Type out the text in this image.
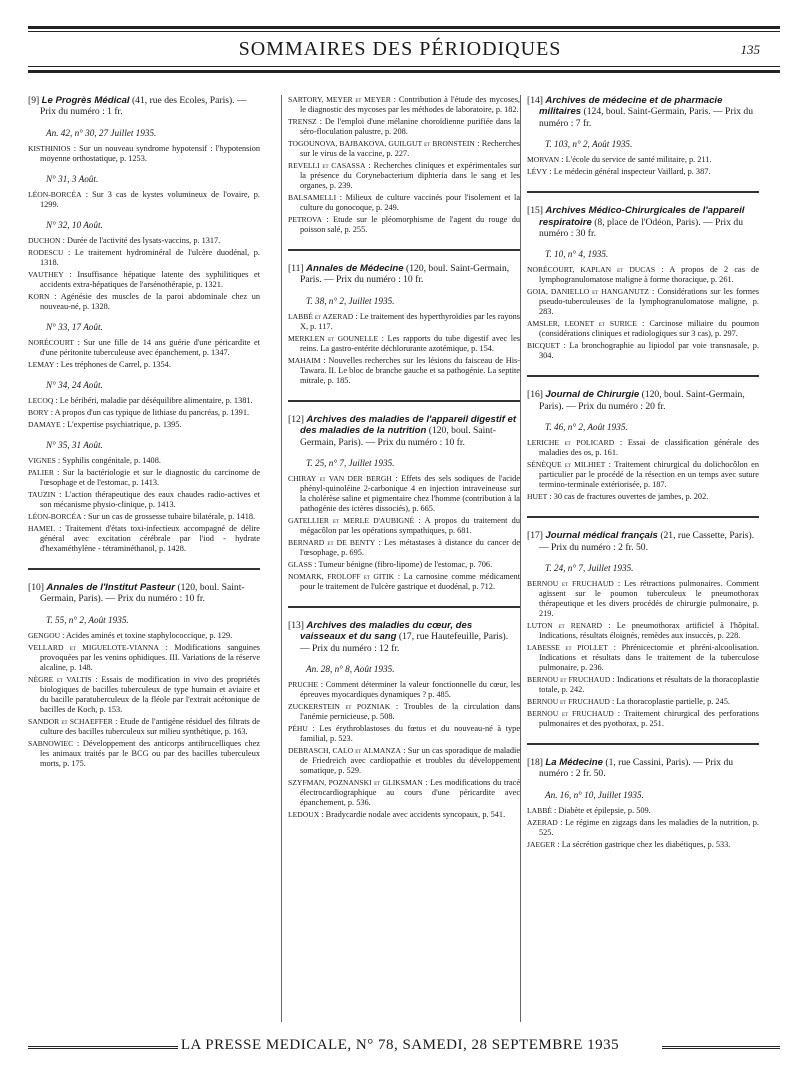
SOMMAIRES DES PÉRIODIQUES	135
[9] Le Progrès Médical (41, rue des Ecoles, Paris). — Prix du numéro : 1 fr.
An. 42, n° 30, 27 Juillet 1935.
KISTHINIOS : Sur un nouveau syndrome hypotensif : l'hypotension moyenne orthostatique, p. 1253.
N° 31, 3 Août.
LÉON-BORCÉA : Sur 3 cas de kystes volumineux de l'ovaire, p. 1299.
N° 32, 10 Août.
DUCHON : Durée de l'activité des lysats-vaccins, p. 1317.
RODESCU : Le traitement hydrominéral de l'ulcère duodénal, p. 1318.
VAUTHEY : Insuffisance hépatique latente des syphilitiques et accidents extra-hépatiques de l'arsénothérapie, p. 1321.
KORN : Agénésie des muscles de la paroi abdominale chez un nouveau-né, p. 1328.
N° 33, 17 Août.
NORÉCOURT : Sur une fille de 14 ans guérie d'une péricardite et d'une péritonite tuberculeuse avec épanchement, p. 1347.
LEMAY : Les tréphones de Carrel, p. 1354.
N° 34, 24 Août.
LECOQ : Le béribéri, maladie par déséquilibre alimentaire, p. 1381.
BORY : A propos d'un cas typique de lithiase du pancréas, p. 1391.
DAMAYE : L'expertise psychiatrique, p. 1395.
N° 35, 31 Août.
VIGNES : Syphilis congénitale, p. 1408.
PALIER : Sur la bactériologie et sur le diagnostic du carcinome de l'œsophage et de l'estomac, p. 1413.
TAUZIN : L'action thérapeutique des eaux chaudes radio-actives et son mécanisme physio-clinique, p. 1413.
LÉON-BORCÉA : Sur un cas de grossesse tubaire bilatérale, p. 1418.
HAMEL : Traitement d'états toxi-infectieux accompagné de délire général avec excitation cérébrale par l'iod - hydrate d'hexaméthylène - tétraminéthanol, p. 1428.
[10] Annales de l'Institut Pasteur (120, boul. Saint-Germain, Paris). — Prix du numéro : 10 fr.
T. 55, n° 2, Août 1935.
GENGOU : Acides aminés et toxine staphylococcique, p. 129.
VELLARD et MIGUELOTE-VIANNA : Modifications sanguines provoquées par les venins ophidiques. III. Variations de la réserve alcaline, p. 148.
NÈGRE et VALTIS : Essais de modification in vivo des propriétés biologiques de bacilles tuberculeux de type humain et aviaire et du bacille paratuberculeux de la fléole par l'extrait acétonique de bacilles de Koch, p. 153.
SANDOR et SCHAEFFER : Etude de l'antigène résiduel des filtrats de culture des bacilles tuberculeux sur milieu synthétique, p. 163.
SABNOWIEC : Développement des anticorps antibrucelliques chez les animaux traités par le BCG ou par des bacilles tuberculeux morts, p. 175.
SARTORY, MEYER et MEYER : Contribution à l'étude des mycoses, le diagnostic des mycoses par les méthodes de laboratoire, p. 182.
TRENSZ : De l'emploi d'une mélanine choroïdienne purifiée dans la séro-floculation palustre, p. 208.
TOGOUNOVA, BAJBAKOVA, GUILGUT et BRONSTEIN : Recherches sur le virus de la vaccine, p. 227.
REVELLI et CASASSA : Recherches cliniques et expérimentales sur la présence du Corynebacterium diphteria dans le sang et les organes, p. 239.
BALSAMELLI : Milieux de culture vaccinés pour l'isolement et la culture du gonocoque, p. 249.
PETROVA : Etude sur le pléomorphisme de l'agent du rouge du poisson salé, p. 255.
[11] Annales de Médecine (120, boul. Saint-Germain, Paris. — Prix du numéro : 10 fr.
T. 38, n° 2, Juillet 1935.
LABBÉ et AZERAD : Le traitement des hyperthyroïdies par les rayons X, p. 117.
MERKLEN et GOUNELLE : Les rapports du tube digestif avec les reins. La gastro-entérite déchlorurante azotémique, p. 154.
MAHAIM : Nouvelles recherches sur les lésions du faisceau de His-Tawara. II. Le bloc de branche gauche et sa pathogénie. La septite mitrale, p. 185.
[12] Archives des maladies de l'appareil digestif et des maladies de la nutrition (120, boul. Saint-Germain, Paris). — Prix du numéro : 10 fr.
T. 25, n° 7, Juillet 1935.
CHIRAY et VAN DER BERGH : Effets des sels sodiques de l'acide phényl-quinoléine 2-carbonique 4 en injection intraveineuse sur la cholérèse saline et pigmentaire chez l'homme (contribution à la pathogénie des ictères dissociés), p. 665.
GATELLIER et MERLE D'AUBIGNÉ : A propos du traitement du mégacôlon par les opérations sympathiques, p. 681.
BERNARD et DE BENTY : Les métastases à distance du cancer de l'œsophage, p. 695.
GLASS : Tumeur bénigne (fibro-lipome) de l'estomac, p. 706.
NOMARK, FROLOFF et GITIK : La carnosine comme médicament pour le traitement de l'ulcère gastrique et duodénal, p. 712.
[13] Archives des maladies du cœur, des vaisseaux et du sang (17, rue Hautefeuille, Paris). — Prix du numéro : 12 fr.
An. 28, n° 8, Août 1935.
PRUCHE : Comment déterminer la valeur fonctionnelle du cœur, les épreuves myocardiques dynamiques ? p. 485.
ZUCKERSTEIN et POZNIAK : Troubles de la circulation dans l'anémie pernicieuse, p. 508.
PÉHU : Les érythroblastoses du fœtus et du nouveau-né à type familial, p. 523.
DEBRASCH, CALO et ALMANZA : Sur un cas sporadique de maladie de Friedreich avec cardiopathie et troubles du développement somatique, p. 529.
SZYFMAN, POZNANSKI et GLIKSMAN : Les modifications du tracé électrocardiographique au cours d'une péricardite avec épanchement, p. 536.
LEDOUX : Bradycardie nodale avec accidents syncopaux, p. 541.
[14] Archives de médecine et de pharmacie militaires (124, boul. Saint-Germain, Paris. — Prix du numéro : 7 fr.
T. 103, n° 2, Août 1935.
MORVAN : L'école du service de santé militaire, p. 211.
LÉVY : Le médecin général inspecteur Vaillard, p. 387.
[15] Archives Médico-Chirurgicales de l'appareil respiratoire (8, place de l'Odéon, Paris). — Prix du numéro : 30 fr.
T. 10, n° 4, 1935.
NORÉCOURT, KAPLAN et DUCAS : A propos de 2 cas de lymphogranulomatose maligne à forme thoracique, p. 261.
GOIA, DANIELLO et HANGANUTZ : Considérations sur les formes pseudo-tuberculeuses de la lymphogranulomatose maligne, p. 283.
AMSLER, LEONET et SURICE : Carcinose miliaire du poumon (considérations cliniques et radiologiques sur 3 cas), p. 297.
BICQUET : La bronchographie au lipiodol par voie transnasale, p. 304.
[16] Journal de Chirurgie (120, boul. Saint-Germain, Paris). — Prix du numéro : 20 fr.
T. 46, n° 2, Août 1935.
LERICHE et POLICARD : Essai de classification générale des maladies des os, p. 161.
SÉNÈQUE et MILHIET : Traitement chirurgical du dolichocôlon en particulier par le procédé de la résection en un temps avec suture termino-terminale extériorisée, p. 187.
HUET : 30 cas de fractures ouvertes de jambes, p. 202.
[17] Journal médical français (21, rue Cassette, Paris). — Prix du numéro : 2 fr. 50.
T. 24, n° 7, Juillet 1935.
BERNOU et FRUCHAUD : Les rétractions pulmonaires. Comment agissent sur le poumon tuberculeux le pneumothorax thérapeutique et les divers procédés de chirurgie pulmonaire, p. 219.
LUTON et RENARD : Le pneumothorax artificiel à l'hôpital. Indications, résultats éloignés, remèdes aux insuccès, p. 228.
LABESSE et PIOLLET : Phrénicectomie et phréni-alcoolisation. Indications et résultats dans le traitement de la tuberculose pulmonaire, p. 236.
BERNOU et FRUCHAUD : Indications et résultats de la thoracoplastie totale, p. 242.
BERNOU et FRUCHAUD : La thoracoplastie partielle, p. 245.
BERNOU et FRUCHAUD : Traitement chirurgical des perforations pulmonaires et des pyothorax, p. 251.
[18] La Médecine (1, rue Cassini, Paris). — Prix du numéro : 2 fr. 50.
An. 16, n° 10, Juillet 1935.
LABBÉ : Diabète et épilepsie, p. 509.
AZERAD : Le régime en zigzags dans les maladies de la nutrition, p. 525.
JAEGER : La sécrétion gastrique chez les diabétiques, p. 533.
LA PRESSE MEDICALE, N° 78, SAMEDI, 28 SEPTEMBRE 1935
